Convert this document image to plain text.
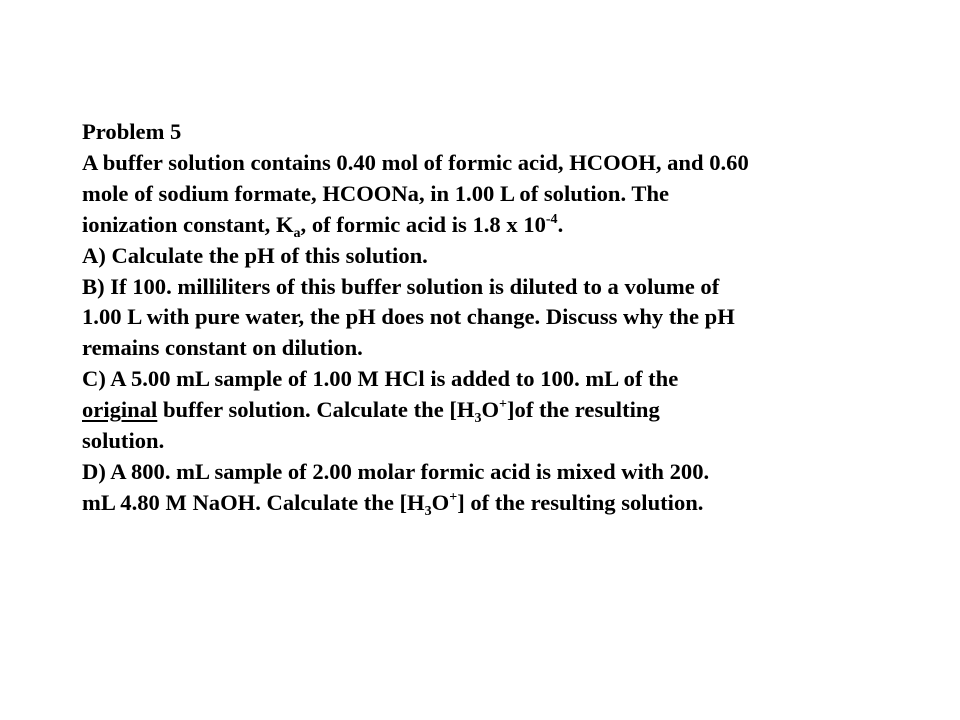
Problem 5
A buffer solution contains 0.40 mol of formic acid, HCOOH, and 0.60
mole of sodium formate, HCOONa, in 1.00 L of solution. The
ionization constant, $K_a$, of formic acid is 1.8 x $10^{-4}$.
A) Calculate the pH of this solution.
B) If 100. milliliters of this buffer solution is diluted to a volume of
1.00 L with pure water, the pH does not change. Discuss why the pH
remains constant on dilution.
C) A 5.00 mL sample of 1.00 M HCl is added to 100. mL of the
original buffer solution. Calculate the $[H_3O^+]of$ the resulting
solution.
D) A 800. mL sample of 2.00 molar formic acid is mixed with 200.
mL 4.80 M NaOH. Calculate the $[H_3O^+]$ of the resulting solution.
